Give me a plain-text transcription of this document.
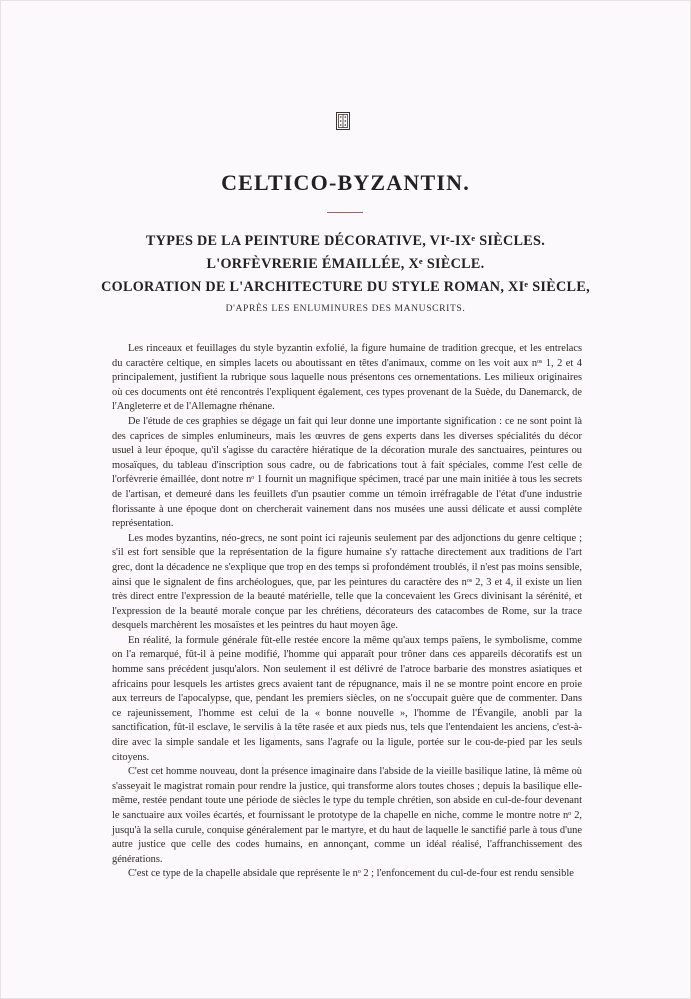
CELTICO-BYZANTIN.
TYPES DE LA PEINTURE DÉCORATIVE, VIᵉ-IXᵉ SIÈCLES.
L'ORFÈVRERIE ÉMAILLÉE, Xᵉ SIÈCLE.
COLORATION DE L'ARCHITECTURE DU STYLE ROMAN, XIᵉ SIÈCLE,
D'APRÈS LES ENLUMINURES DES MANUSCRITS.

Les rinceaux et feuillages du style byzantin exfolié, la figure humaine de tradition grecque, et les entrelacs du caractère celtique, en simples lacets ou aboutissant en têtes d'animaux, comme on les voit aux nᵒˢ 1, 2 et 4 principalement, justifient la rubrique sous laquelle nous présentons ces ornementations. Les milieux originaires où ces documents ont été rencontrés l'expliquent également, ces types provenant de la Suède, du Danemarck, de l'Angleterre et de l'Allemagne rhénane.

De l'étude de ces graphies se dégage un fait qui leur donne une importante signification : ce ne sont point là des caprices de simples enlumineurs, mais les œuvres de gens experts dans les diverses spécialités du décor usuel à leur époque, qu'il s'agisse du caractère hiératique de la décoration murale des sanctuaires, peintures ou mosaïques, du tableau d'inscription sous cadre, ou de fabrications tout à fait spéciales, comme l'est celle de l'orfèvrerie émaillée, dont notre nᵒ 1 fournit un magnifique spécimen, tracé par une main initiée à tous les secrets de l'artisan, et demeuré dans les feuillets d'un psautier comme un témoin irréfragable de l'état d'une industrie florissante à une époque dont on chercherait vainement dans nos musées une aussi délicate et aussi complète représentation.

Les modes byzantins, néo-grecs, ne sont point ici rajeunis seulement par des adjonctions du genre celtique ; s'il est fort sensible que la représentation de la figure humaine s'y rattache directement aux traditions de l'art grec, dont la décadence ne s'explique que trop en des temps si profondément troublés, il n'est pas moins sensible, ainsi que le signalent de fins archéologues, que, par les peintures du caractère des nᵒˢ 2, 3 et 4, il existe un lien très direct entre l'expression de la beauté matérielle, telle que la concevaient les Grecs divinisant la sérénité, et l'expression de la beauté morale conçue par les chrétiens, décorateurs des catacombes de Rome, sur la trace desquels marchèrent les mosaïstes et les peintres du haut moyen âge.

En réalité, la formule générale fût-elle restée encore la même qu'aux temps païens, le symbolisme, comme on l'a remarqué, fût-il à peine modifié, l'homme qui apparaît pour trôner dans ces appareils décoratifs est un homme sans précédent jusqu'alors. Non seulement il est délivré de l'atroce barbarie des monstres asiatiques et africains pour lesquels les artistes grecs avaient tant de répugnance, mais il ne se montre point encore en proie aux terreurs de l'apocalypse, que, pendant les premiers siècles, on ne s'occupait guère que de commenter. Dans ce rajeunissement, l'homme est celui de la « bonne nouvelle », l'homme de l'Évangile, anobli par la sanctification, fût-il esclave, le servilis à la tête rasée et aux pieds nus, tels que l'entendaient les anciens, c'est-à-dire avec la simple sandale et les ligaments, sans l'agrafe ou la ligule, portée sur le cou-de-pied par les seuls citoyens.

C'est cet homme nouveau, dont la présence imaginaire dans l'abside de la vieille basilique latine, là même où s'asseyait le magistrat romain pour rendre la justice, qui transforme alors toutes choses ; depuis la basilique elle-même, restée pendant toute une période de siècles le type du temple chrétien, son abside en cul-de-four devenant le sanctuaire aux voiles écartés, et fournissant le prototype de la chapelle en niche, comme le montre notre nᵒ 2, jusqu'à la sella curule, conquise généralement par le martyre, et du haut de laquelle le sanctifié parle à tous d'une autre justice que celle des codes humains, en annonçant, comme un idéal réalisé, l'affranchissement des générations.

C'est ce type de la chapelle absidale que représente le nᵒ 2 ; l'enfoncement du cul-de-four est rendu sensible
